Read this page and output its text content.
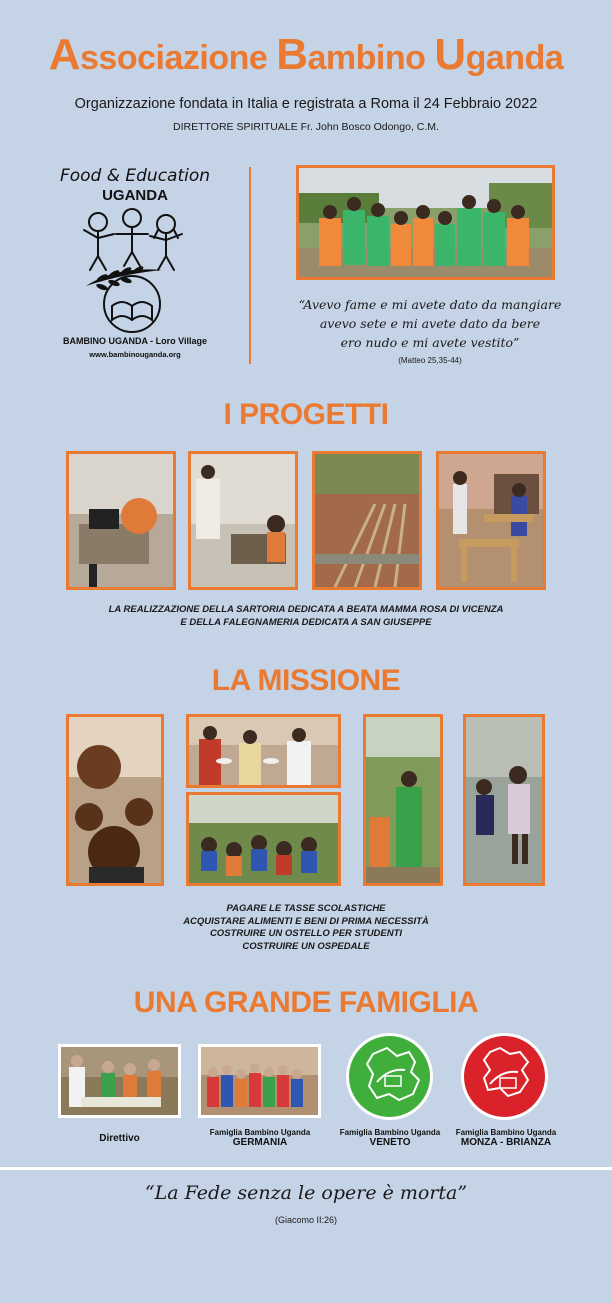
Associazione Bambino Uganda
Organizzazione fondata in Italia e registrata a Roma il 24 Febbraio 2022
DIRETTORE SPIRITUALE Fr. John Bosco Odongo, C.M.
Food & Education
UGANDA
BAMBINO UGANDA - Loro Village
www.bambinouganda.org
“Avevo fame e mi avete dato da mangiare
avevo sete e mi avete dato da bere
ero nudo e mi avete vestito”
(Matteo 25,35-44)
I PROGETTI
LA REALIZZAZIONE DELLA SARTORIA DEDICATA A BEATA MAMMA ROSA DI VICENZA
E DELLA FALEGNAMERIA DEDICATA A SAN GIUSEPPE
LA MISSIONE
PAGARE LE TASSE SCOLASTICHE
ACQUISTARE ALIMENTI E BENI DI PRIMA NECESSITÀ
COSTRUIRE UN OSTELLO PER STUDENTI
COSTRUIRE UN OSPEDALE
UNA GRANDE FAMIGLIA
Direttivo
Famiglia Bambino Uganda
GERMANIA
Famiglia Bambino Uganda
VENETO
Famiglia Bambino Uganda
MONZA - BRIANZA
“La Fede senza le opere è morta”
(Giacomo II:26)
